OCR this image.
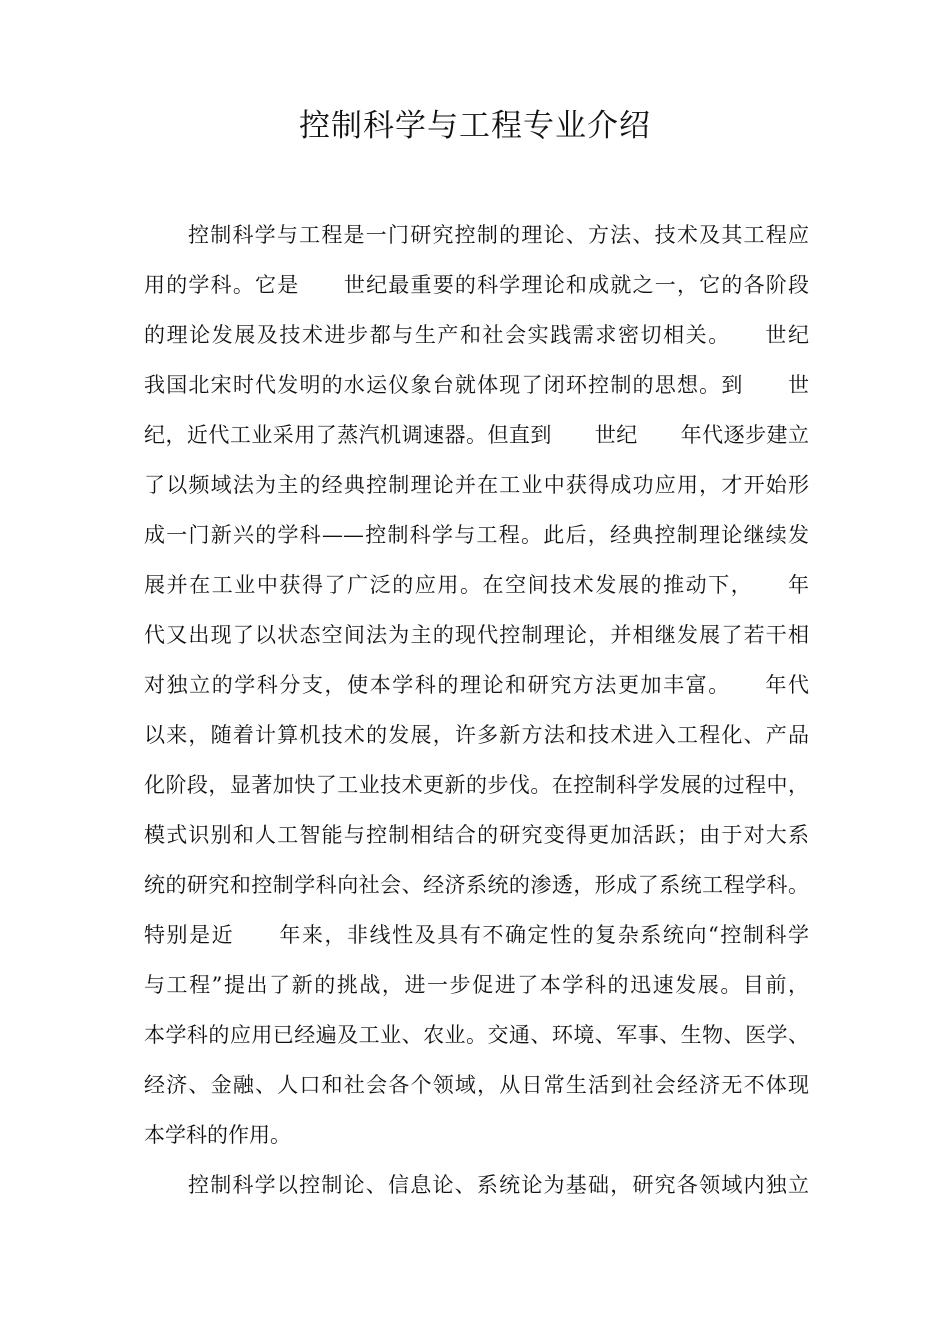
控制科学与工程专业介绍
控制科学与工程是一门研究控制的理论、方法、技术及其工程应
用的学科。它是　　世纪最重要的科学理论和成就之一，它的各阶段
的理论发展及技术进步都与生产和社会实践需求密切相关。　　世纪
我国北宋时代发明的水运仪象台就体现了闭环控制的思想。到　　世
纪，近代工业采用了蒸汽机调速器。但直到　　世纪　　年代逐步建立
了以频域法为主的经典控制理论并在工业中获得成功应用，才开始形
成一门新兴的学科——控制科学与工程。此后，经典控制理论继续发
展并在工业中获得了广泛的应用。在空间技术发展的推动下，　　年
代又出现了以状态空间法为主的现代控制理论，并相继发展了若干相
对独立的学科分支，使本学科的理论和研究方法更加丰富。　　年代
以来，随着计算机技术的发展，许多新方法和技术进入工程化、产品
化阶段，显著加快了工业技术更新的步伐。在控制科学发展的过程中，
模式识别和人工智能与控制相结合的研究变得更加活跃；由于对大系
统的研究和控制学科向社会、经济系统的渗透，形成了系统工程学科。
特别是近　　年来，非线性及具有不确定性的复杂系统向“控制科学
与工程”提出了新的挑战，进一步促进了本学科的迅速发展。目前，
本学科的应用已经遍及工业、农业。交通、环境、军事、生物、医学、
经济、金融、人口和社会各个领域，从日常生活到社会经济无不体现
本学科的作用。
控制科学以控制论、信息论、系统论为基础，研究各领域内独立
